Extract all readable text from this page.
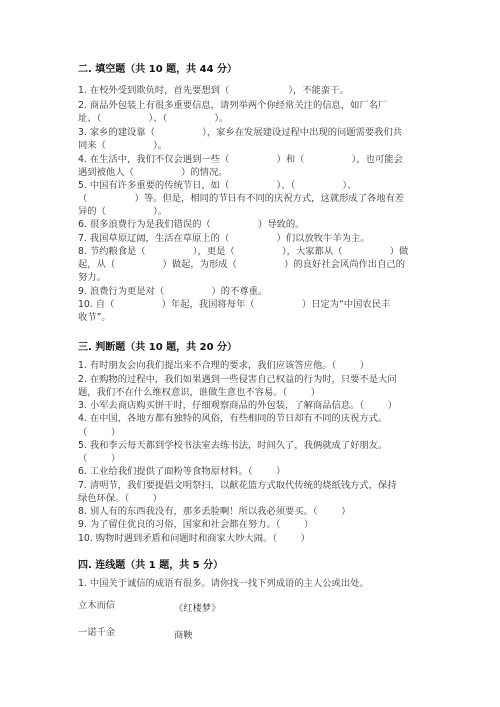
二. 填空题（共 10 题，共 44 分）
1. 在校外受到欺负时，首先要想到（                    ），不能蛮干。
2. 商品外包装上有很多重要信息，请列举两个你经常关注的信息，如厂名厂
址、（                ）、（                ）。
3. 家乡的建设靠（                ），家乡在发展建设过程中出现的问题需要我们共
同来（                ）。
4. 在生活中，我们不仅会遇到一些（                ）和（                ），也可能会
遇到被他人（                ）的情况。
5. 中国有许多重要的传统节日，如（                ）、（                ）、
（                ）等。但是，相同的节日有不同的庆祝方式，这就形成了各地有差
异的（                ）。
6. 很多浪费行为是我们错误的（                ）导致的。
7. 我国草原辽阔，生活在草原上的（                ）们以放牧牛羊为主。
8. 节约粮食是（                ），更是（                ），大家都从（                ）做
起，从（                ）做起，为形成（                ）的良好社会风尚作出自己的
努力。
9. 浪费行为更是对（                ）的不尊重。
10. 自（                ）年起，我国将每年（                ）日定为“中国农民丰
收节”。
三. 判断题（共 10 题，共 20 分）
1. 有时朋友会向我们提出来不合理的要求，我们应该答应他。（        ）
2. 在购物的过程中，我们如果遇到一些侵害自己权益的行为时，只要不是大问
题，我们不在什么维权意识，谁做生意也不容易。（        ）
3. 小军去商店购买饼干时，仔细观察商品的外包装，了解商品信息。（        ）
4. 在中国，各地方都有独特的风俗，有些相同的节日却有不同的庆祝方式。
（        ）
5. 我和李云每天都到学校书法室去练书法，时间久了，我俩就成了好朋友。
（        ）
6. 工业给我们提供了面粉等食物原材料。（        ）
7. 清明节，我们要提倡文明祭扫，以献花篮方式取代传统的烧纸钱方式，保持
绿色环保。（        ）
8. 别人有的东西我没有，那多丢脸啊！所以我必须要买。（        ）
9. 为了留住优良的习俗，国家和社会都在努力。（        ）
10. 购物时遇到矛盾和问题时和商家大吵大闹。（        ）
四. 连线题（共 1 题，共 5 分）
1. 中国关于诚信的成语有很多。请你找一找下列成语的主人公或出处。
立木而信	《红楼梦》
一诺千金	商鞅
